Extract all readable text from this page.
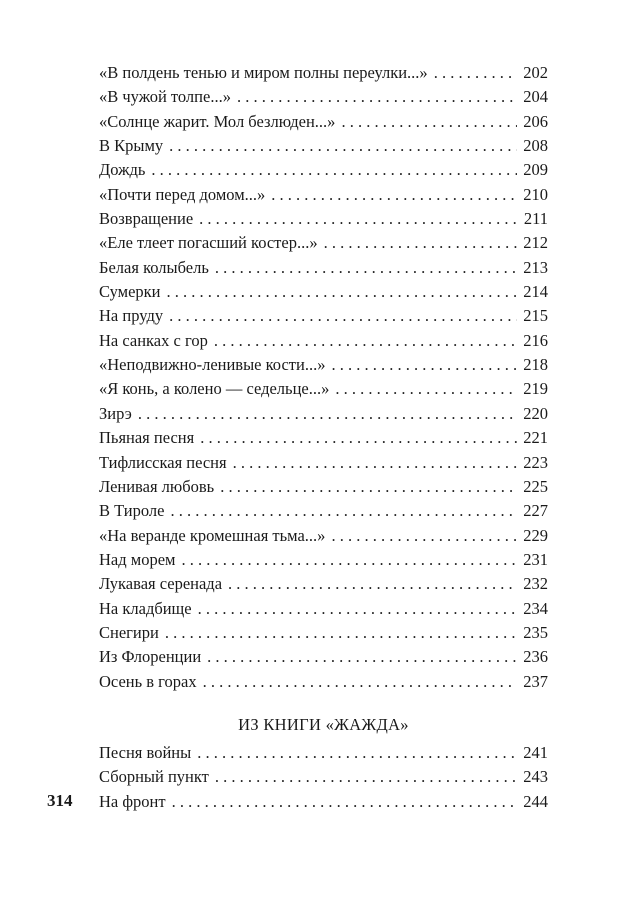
«В полдень тенью и миром полны переулки...» . . .	202
«В чужой толпе...» . . .	204
«Солнце жарит. Мол безлюден...» . . .	206
В Крыму . . .	208
Дождь . . .	209
«Почти перед домом...» . . .	210
Возвращение . . .	211
«Еле тлеет погасший костер...» . . .	212
Белая колыбель . . .	213
Сумерки . . .	214
На пруду . . .	215
На санках с гор . . .	216
«Неподвижно-ленивые кости...» . . .	218
«Я конь, а колено — седельце...» . . .	219
Зирэ . . .	220
Пьяная песня . . .	221
Тифлисская песня . . .	223
Ленивая любовь . . .	225
В Тироле . . .	227
«На веранде кромешная тьма...» . . .	229
Над морем . . .	231
Лукавая серенада . . .	232
На кладбище . . .	234
Снегири . . .	235
Из Флоренции . . .	236
Осень в горах . . .	237
ИЗ КНИГИ «ЖАЖДА»
Песня войны . . .	241
Сборный пункт . . .	243
На фронт . . .	244
314
